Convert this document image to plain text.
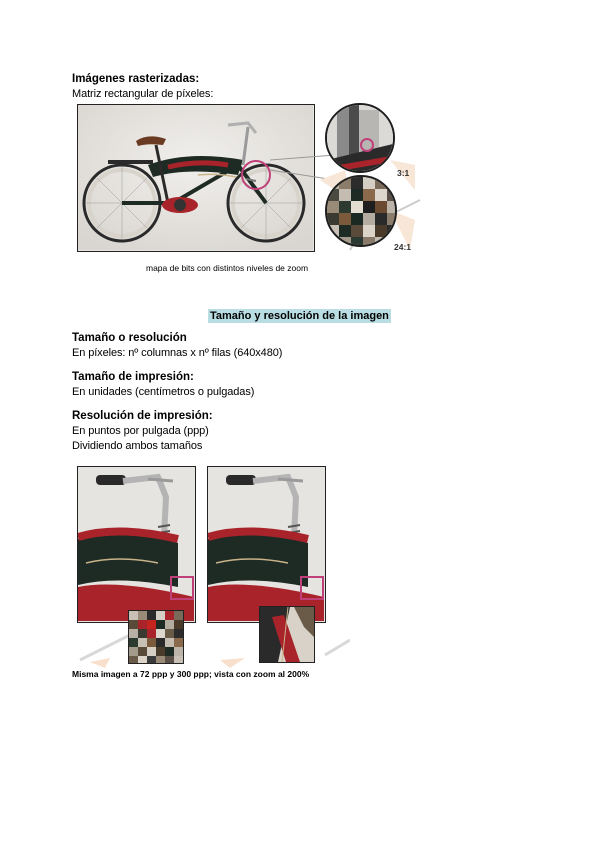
Imágenes rasterizadas:
Matriz rectangular de píxeles:
3:1
24:1
mapa de bits con distintos niveles de zoom
Tamaño y resolución de la imagen
Tamaño o resolución
En píxeles: nº columnas x nº filas (640x480)
Tamaño de impresión:
En unidades (centímetros o pulgadas)
Resolución de impresión:
En puntos por pulgada (ppp)
Dividiendo ambos tamaños
Misma imagen a 72 ppp y 300 ppp; vista con zoom al 200%
